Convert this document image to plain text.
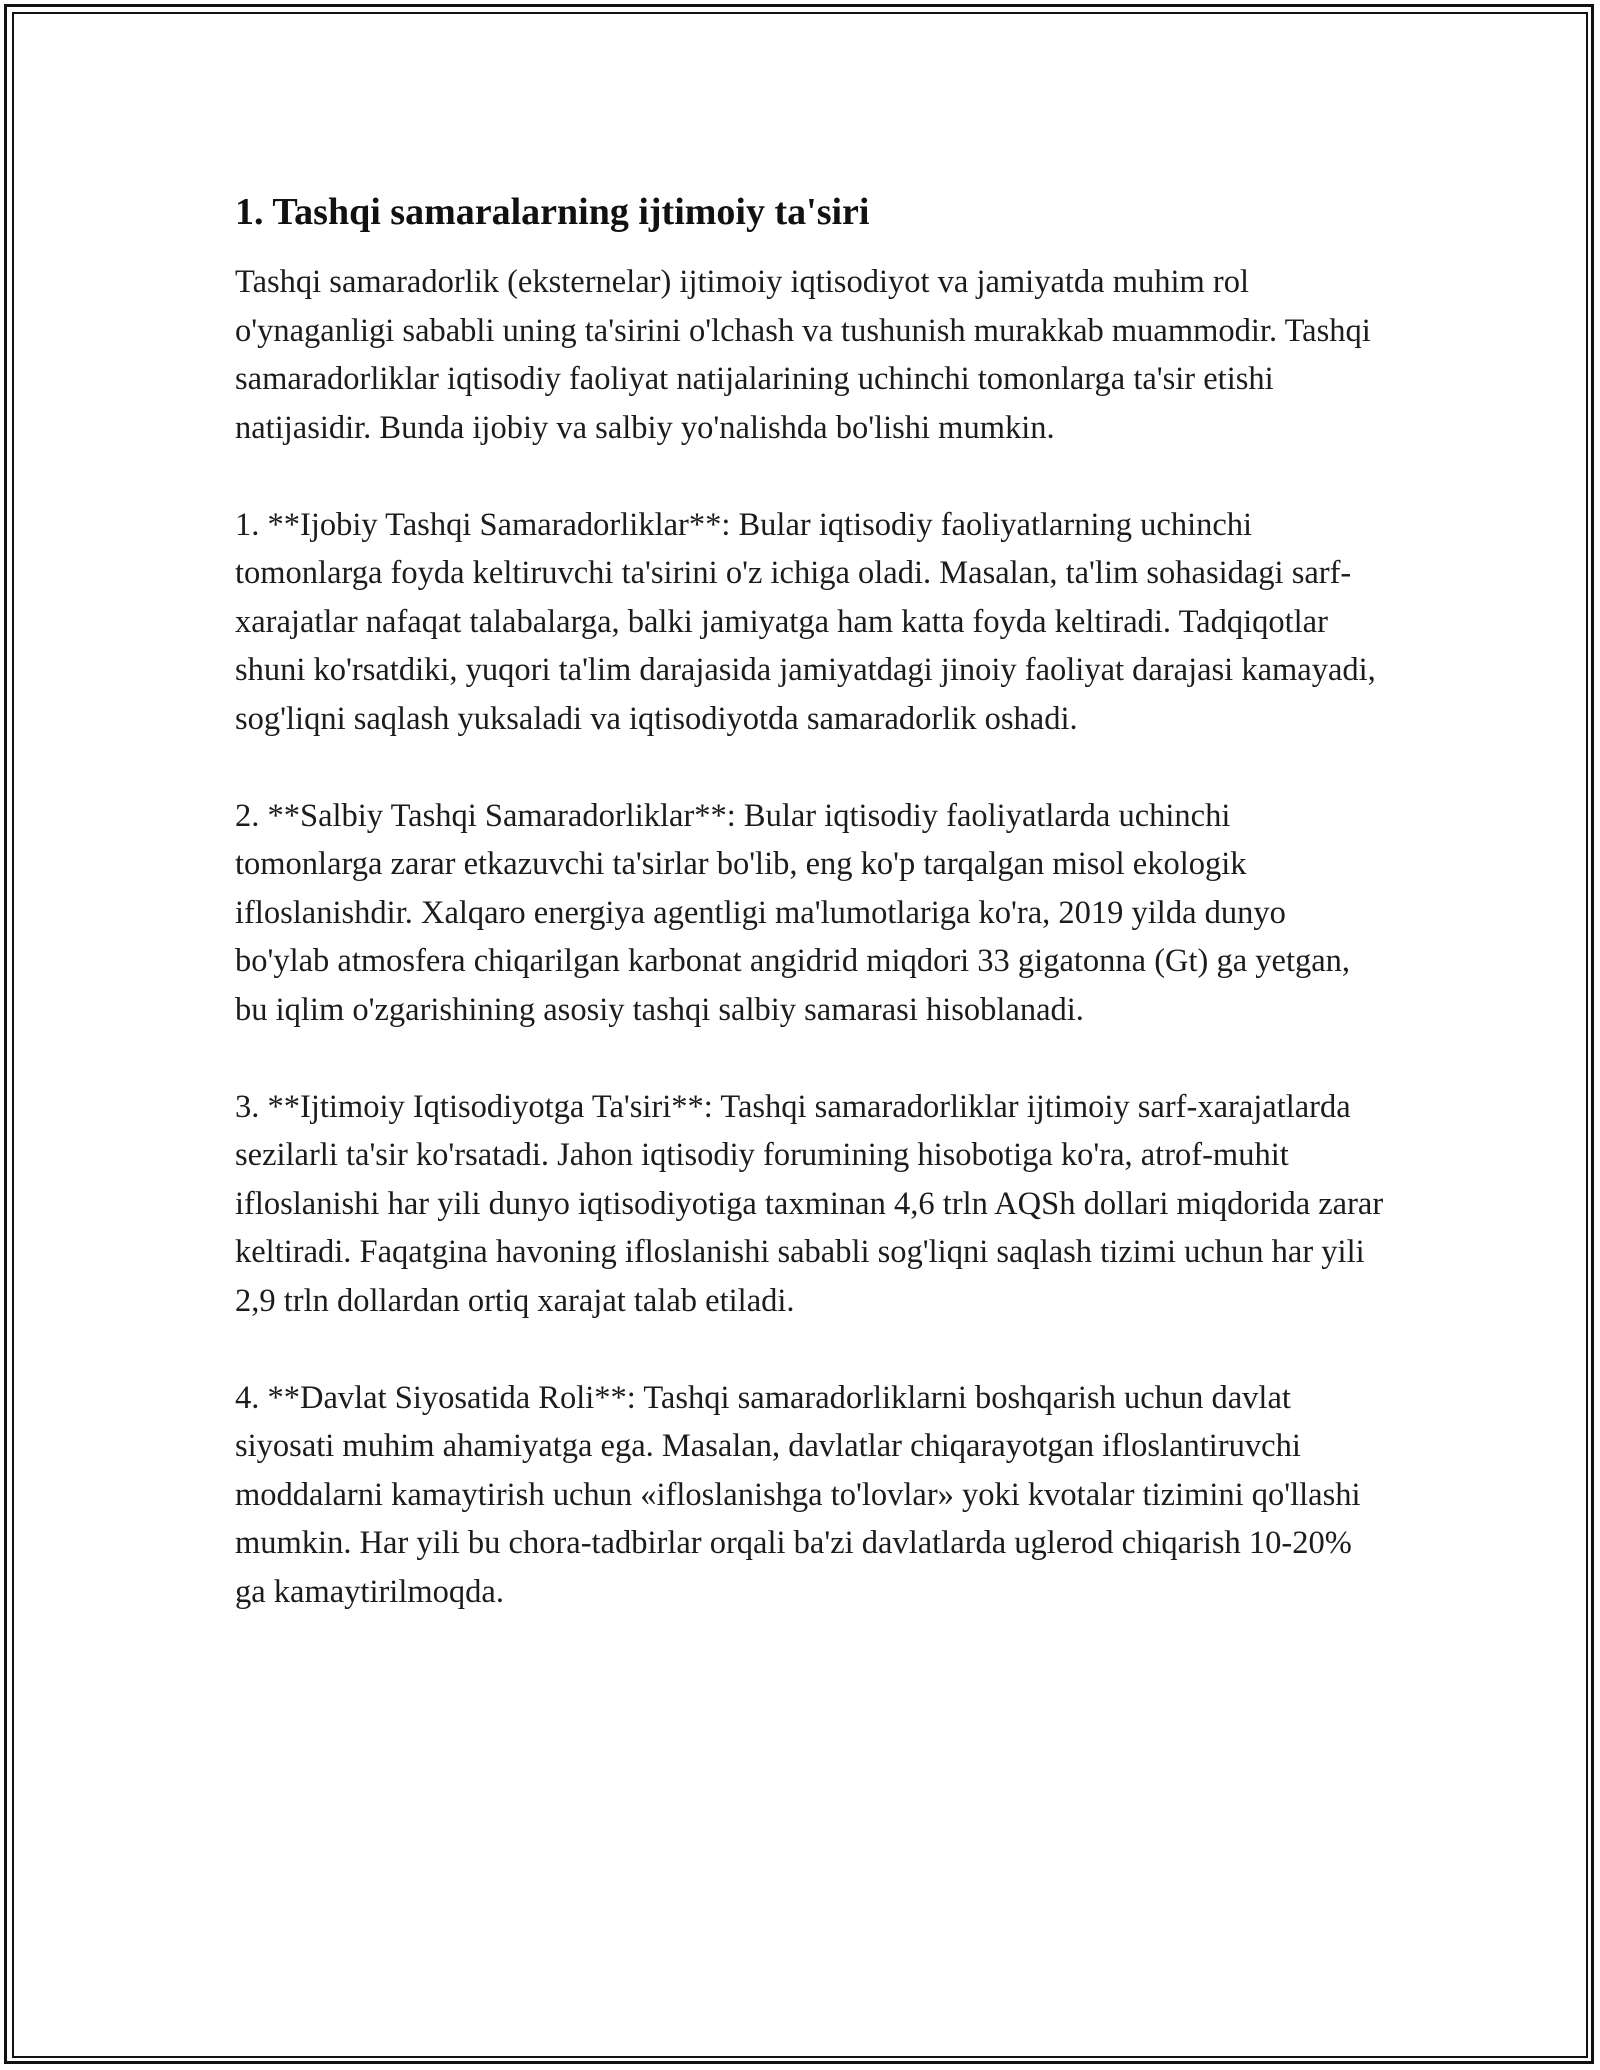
1. Tashqi samaralarning ijtimoiy ta'siri

Tashqi samaradorlik (eksternelar) ijtimoiy iqtisodiyot va jamiyatda muhim rol o'ynaganligi sababli uning ta'sirini o'lchash va tushunish murakkab muammodir. Tashqi samaradorliklar iqtisodiy faoliyat natijalarining uchinchi tomonlarga ta'sir etishi natijasidir. Bunda ijobiy va salbiy yo'nalishda bo'lishi mumkin.

1. **Ijobiy Tashqi Samaradorliklar**: Bular iqtisodiy faoliyatlarning uchinchi tomonlarga foyda keltiruvchi ta'sirini o'z ichiga oladi. Masalan, ta'lim sohasidagi sarf-xarajatlar nafaqat talabalarga, balki jamiyatga ham katta foyda keltiradi. Tadqiqotlar shuni ko'rsatdiki, yuqori ta'lim darajasida jamiyatdagi jinoiy faoliyat darajasi kamayadi, sog'liqni saqlash yuksaladi va iqtisodiyotda samaradorlik oshadi.

2. **Salbiy Tashqi Samaradorliklar**: Bular iqtisodiy faoliyatlarda uchinchi tomonlarga zarar etkazuvchi ta'sirlar bo'lib, eng ko'p tarqalgan misol ekologik ifloslanishdir. Xalqaro energiya agentligi ma'lumotlariga ko'ra, 2019 yilda dunyo bo'ylab atmosfera chiqarilgan karbonat angidrid miqdori 33 gigatonna (Gt) ga yetgan, bu iqlim o'zgarishining asosiy tashqi salbiy samarasi hisoblanadi.

3. **Ijtimoiy Iqtisodiyotga Ta'siri**: Tashqi samaradorliklar ijtimoiy sarf-xarajatlarda sezilarli ta'sir ko'rsatadi. Jahon iqtisodiy forumining hisobotiga ko'ra, atrof-muhit ifloslanishi har yili dunyo iqtisodiyotiga taxminan 4,6 trln AQSh dollari miqdorida zarar keltiradi. Faqatgina havoning ifloslanishi sababli sog'liqni saqlash tizimi uchun har yili 2,9 trln dollardan ortiq xarajat talab etiladi.

4. **Davlat Siyosatida Roli**: Tashqi samaradorliklarni boshqarish uchun davlat siyosati muhim ahamiyatga ega. Masalan, davlatlar chiqarayotgan ifloslantiruvchi moddalarni kamaytirish uchun «ifloslanishga to'lovlar» yoki kvotalar tizimini qo'llashi mumkin. Har yili bu chora-tadbirlar orqali ba'zi davlatlarda uglerod chiqarish 10-20% ga kamaytirilmoqda.
